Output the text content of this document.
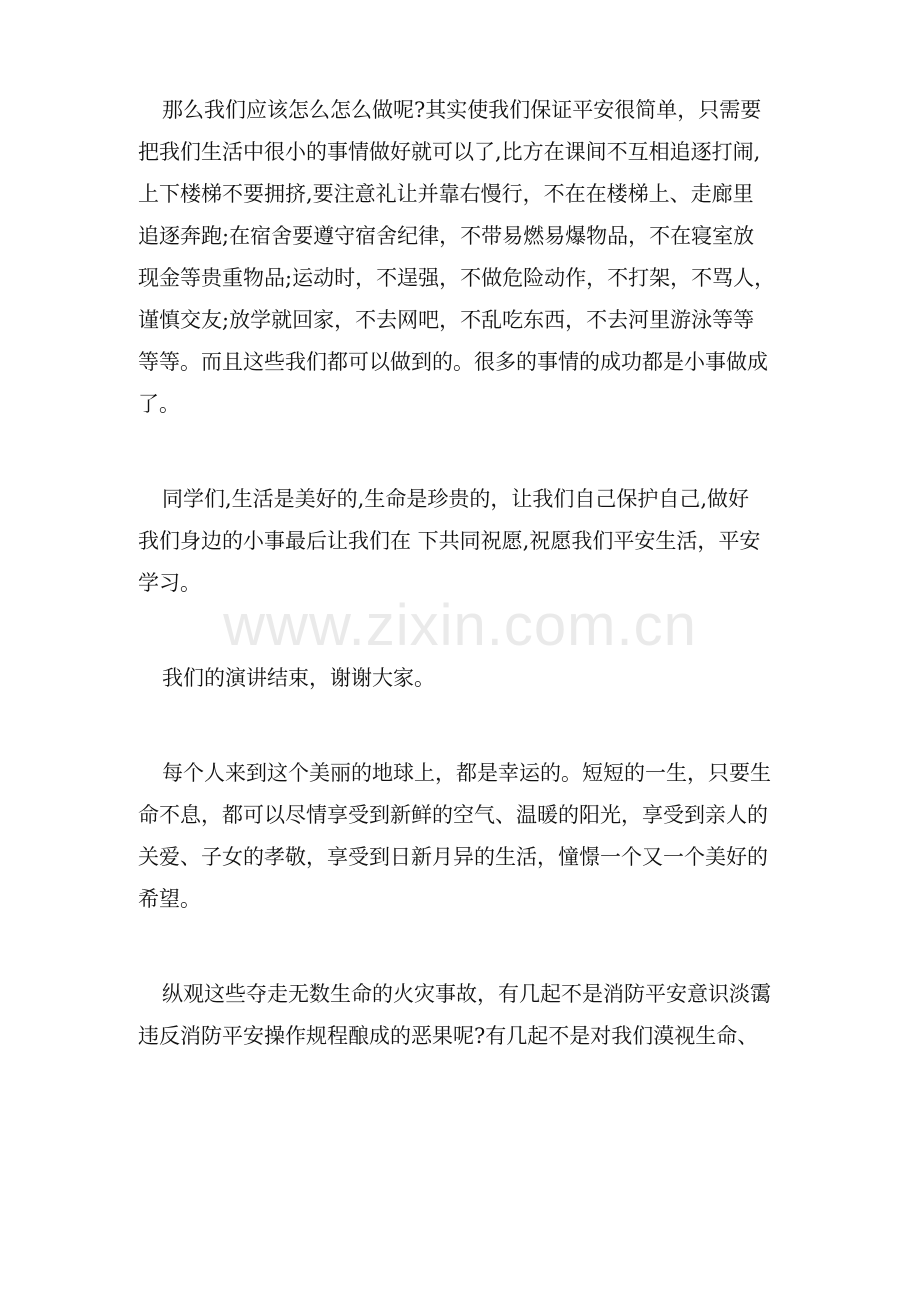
www.zixin.com.cn
那么我们应该怎么怎么做呢?其实使我们保证平安很简单，只需要
把我们生活中很小的事情做好就可以了,比方在课间不互相追逐打闹,
上下楼梯不要拥挤,要注意礼让并靠右慢行，不在在楼梯上、走廊里
追逐奔跑;在宿舍要遵守宿舍纪律，不带易燃易爆物品，不在寝室放
现金等贵重物品;运动时，不逞强，不做危险动作，不打架，不骂人，
谨慎交友;放学就回家，不去网吧，不乱吃东西，不去河里游泳等等
等等。而且这些我们都可以做到的。很多的事情的成功都是小事做成
了。
同学们,生活是美好的,生命是珍贵的，让我们自己保护自己,做好
我们身边的小事最后让我们在 下共同祝愿,祝愿我们平安生活，平安
学习。
我们的演讲结束，谢谢大家。
每个人来到这个美丽的地球上，都是幸运的。短短的一生，只要生
命不息，都可以尽情享受到新鲜的空气、温暖的阳光，享受到亲人的
关爱、子女的孝敬，享受到日新月异的生活，憧憬一个又一个美好的
希望。
纵观这些夺走无数生命的火灾事故，有几起不是消防平安意识淡霭
违反消防平安操作规程酿成的恶果呢?有几起不是对我们漠视生命、
